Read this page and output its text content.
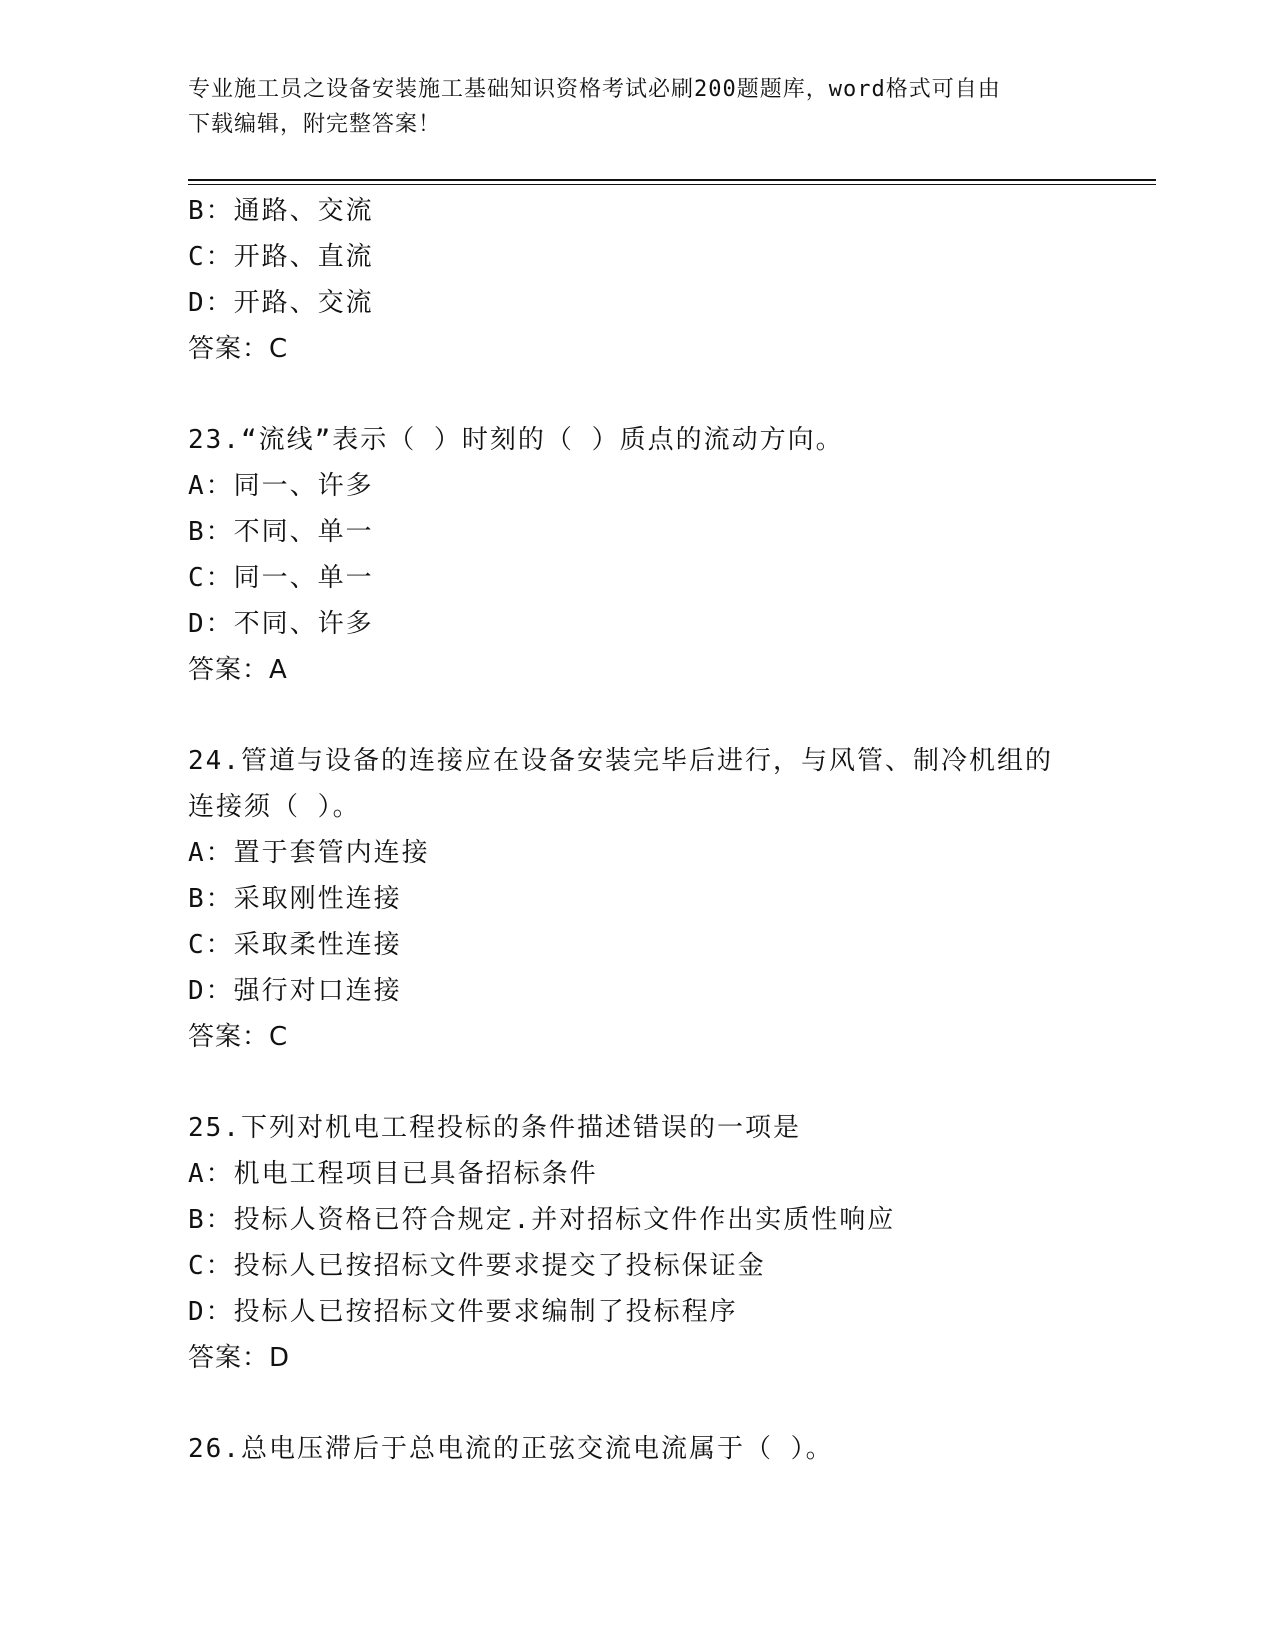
专业施工员之设备安装施工基础知识资格考试必刷200题题库，word格式可自由
下载编辑，附完整答案！
B：通路、交流
C：开路、直流
D：开路、交流
答案：C
23.“流线”表示（ ）时刻的（ ）质点的流动方向。
A：同一、许多
B：不同、单一
C：同一、单一
D：不同、许多
答案：A
24.管道与设备的连接应在设备安装完毕后进行，与风管、制冷机组的
连接须（ ）。
A：置于套管内连接
B：采取刚性连接
C：采取柔性连接
D：强行对口连接
答案：C
25.下列对机电工程投标的条件描述错误的一项是
A：机电工程项目已具备招标条件
B：投标人资格已符合规定.并对招标文件作出实质性响应
C：投标人已按招标文件要求提交了投标保证金
D：投标人已按招标文件要求编制了投标程序
答案：D
26.总电压滞后于总电流的正弦交流电流属于（ ）。
